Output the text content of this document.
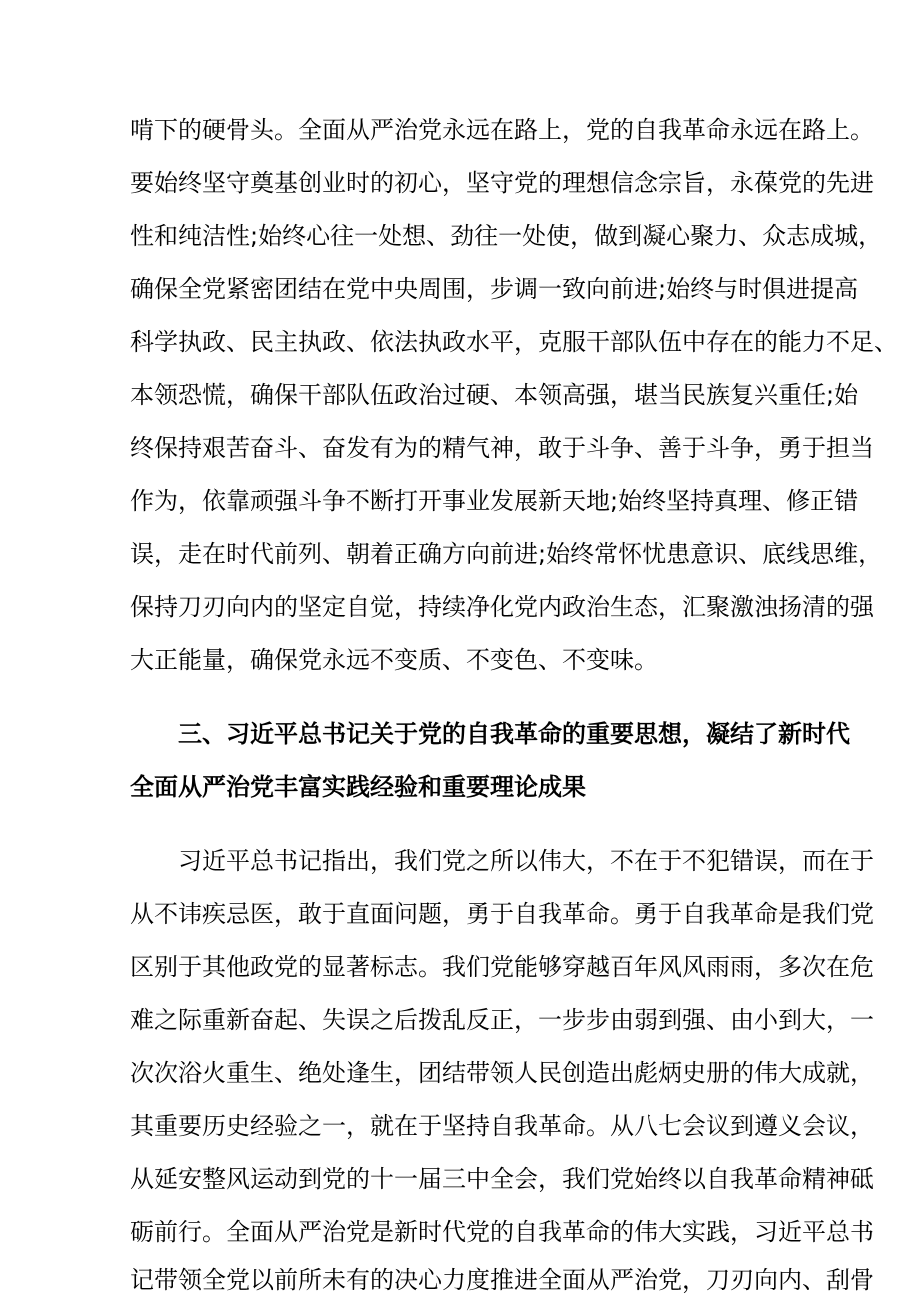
啃下的硬骨头。全面从严治党永远在路上，党的自我革命永远在路上。
要始终坚守奠基创业时的初心，坚守党的理想信念宗旨，永葆党的先进
性和纯洁性;始终心往一处想、劲往一处使，做到凝心聚力、众志成城，
确保全党紧密团结在党中央周围，步调一致向前进;始终与时俱进提高
科学执政、民主执政、依法执政水平，克服干部队伍中存在的能力不足、
本领恐慌，确保干部队伍政治过硬、本领高强，堪当民族复兴重任;始
终保持艰苦奋斗、奋发有为的精气神，敢于斗争、善于斗争，勇于担当
作为，依靠顽强斗争不断打开事业发展新天地;始终坚持真理、修正错
误，走在时代前列、朝着正确方向前进;始终常怀忧患意识、底线思维，
保持刀刃向内的坚定自觉，持续净化党内政治生态，汇聚激浊扬清的强
大正能量，确保党永远不变质、不变色、不变味。
三、习近平总书记关于党的自我革命的重要思想，凝结了新时代
全面从严治党丰富实践经验和重要理论成果
习近平总书记指出，我们党之所以伟大，不在于不犯错误，而在于
从不讳疾忌医，敢于直面问题，勇于自我革命。勇于自我革命是我们党
区别于其他政党的显著标志。我们党能够穿越百年风风雨雨，多次在危
难之际重新奋起、失误之后拨乱反正，一步步由弱到强、由小到大，一
次次浴火重生、绝处逢生，团结带领人民创造出彪炳史册的伟大成就，
其重要历史经验之一，就在于坚持自我革命。从八七会议到遵义会议，
从延安整风运动到党的十一届三中全会，我们党始终以自我革命精神砥
砺前行。全面从严治党是新时代党的自我革命的伟大实践，习近平总书
记带领全党以前所未有的决心力度推进全面从严治党，刀刃向内、刮骨
